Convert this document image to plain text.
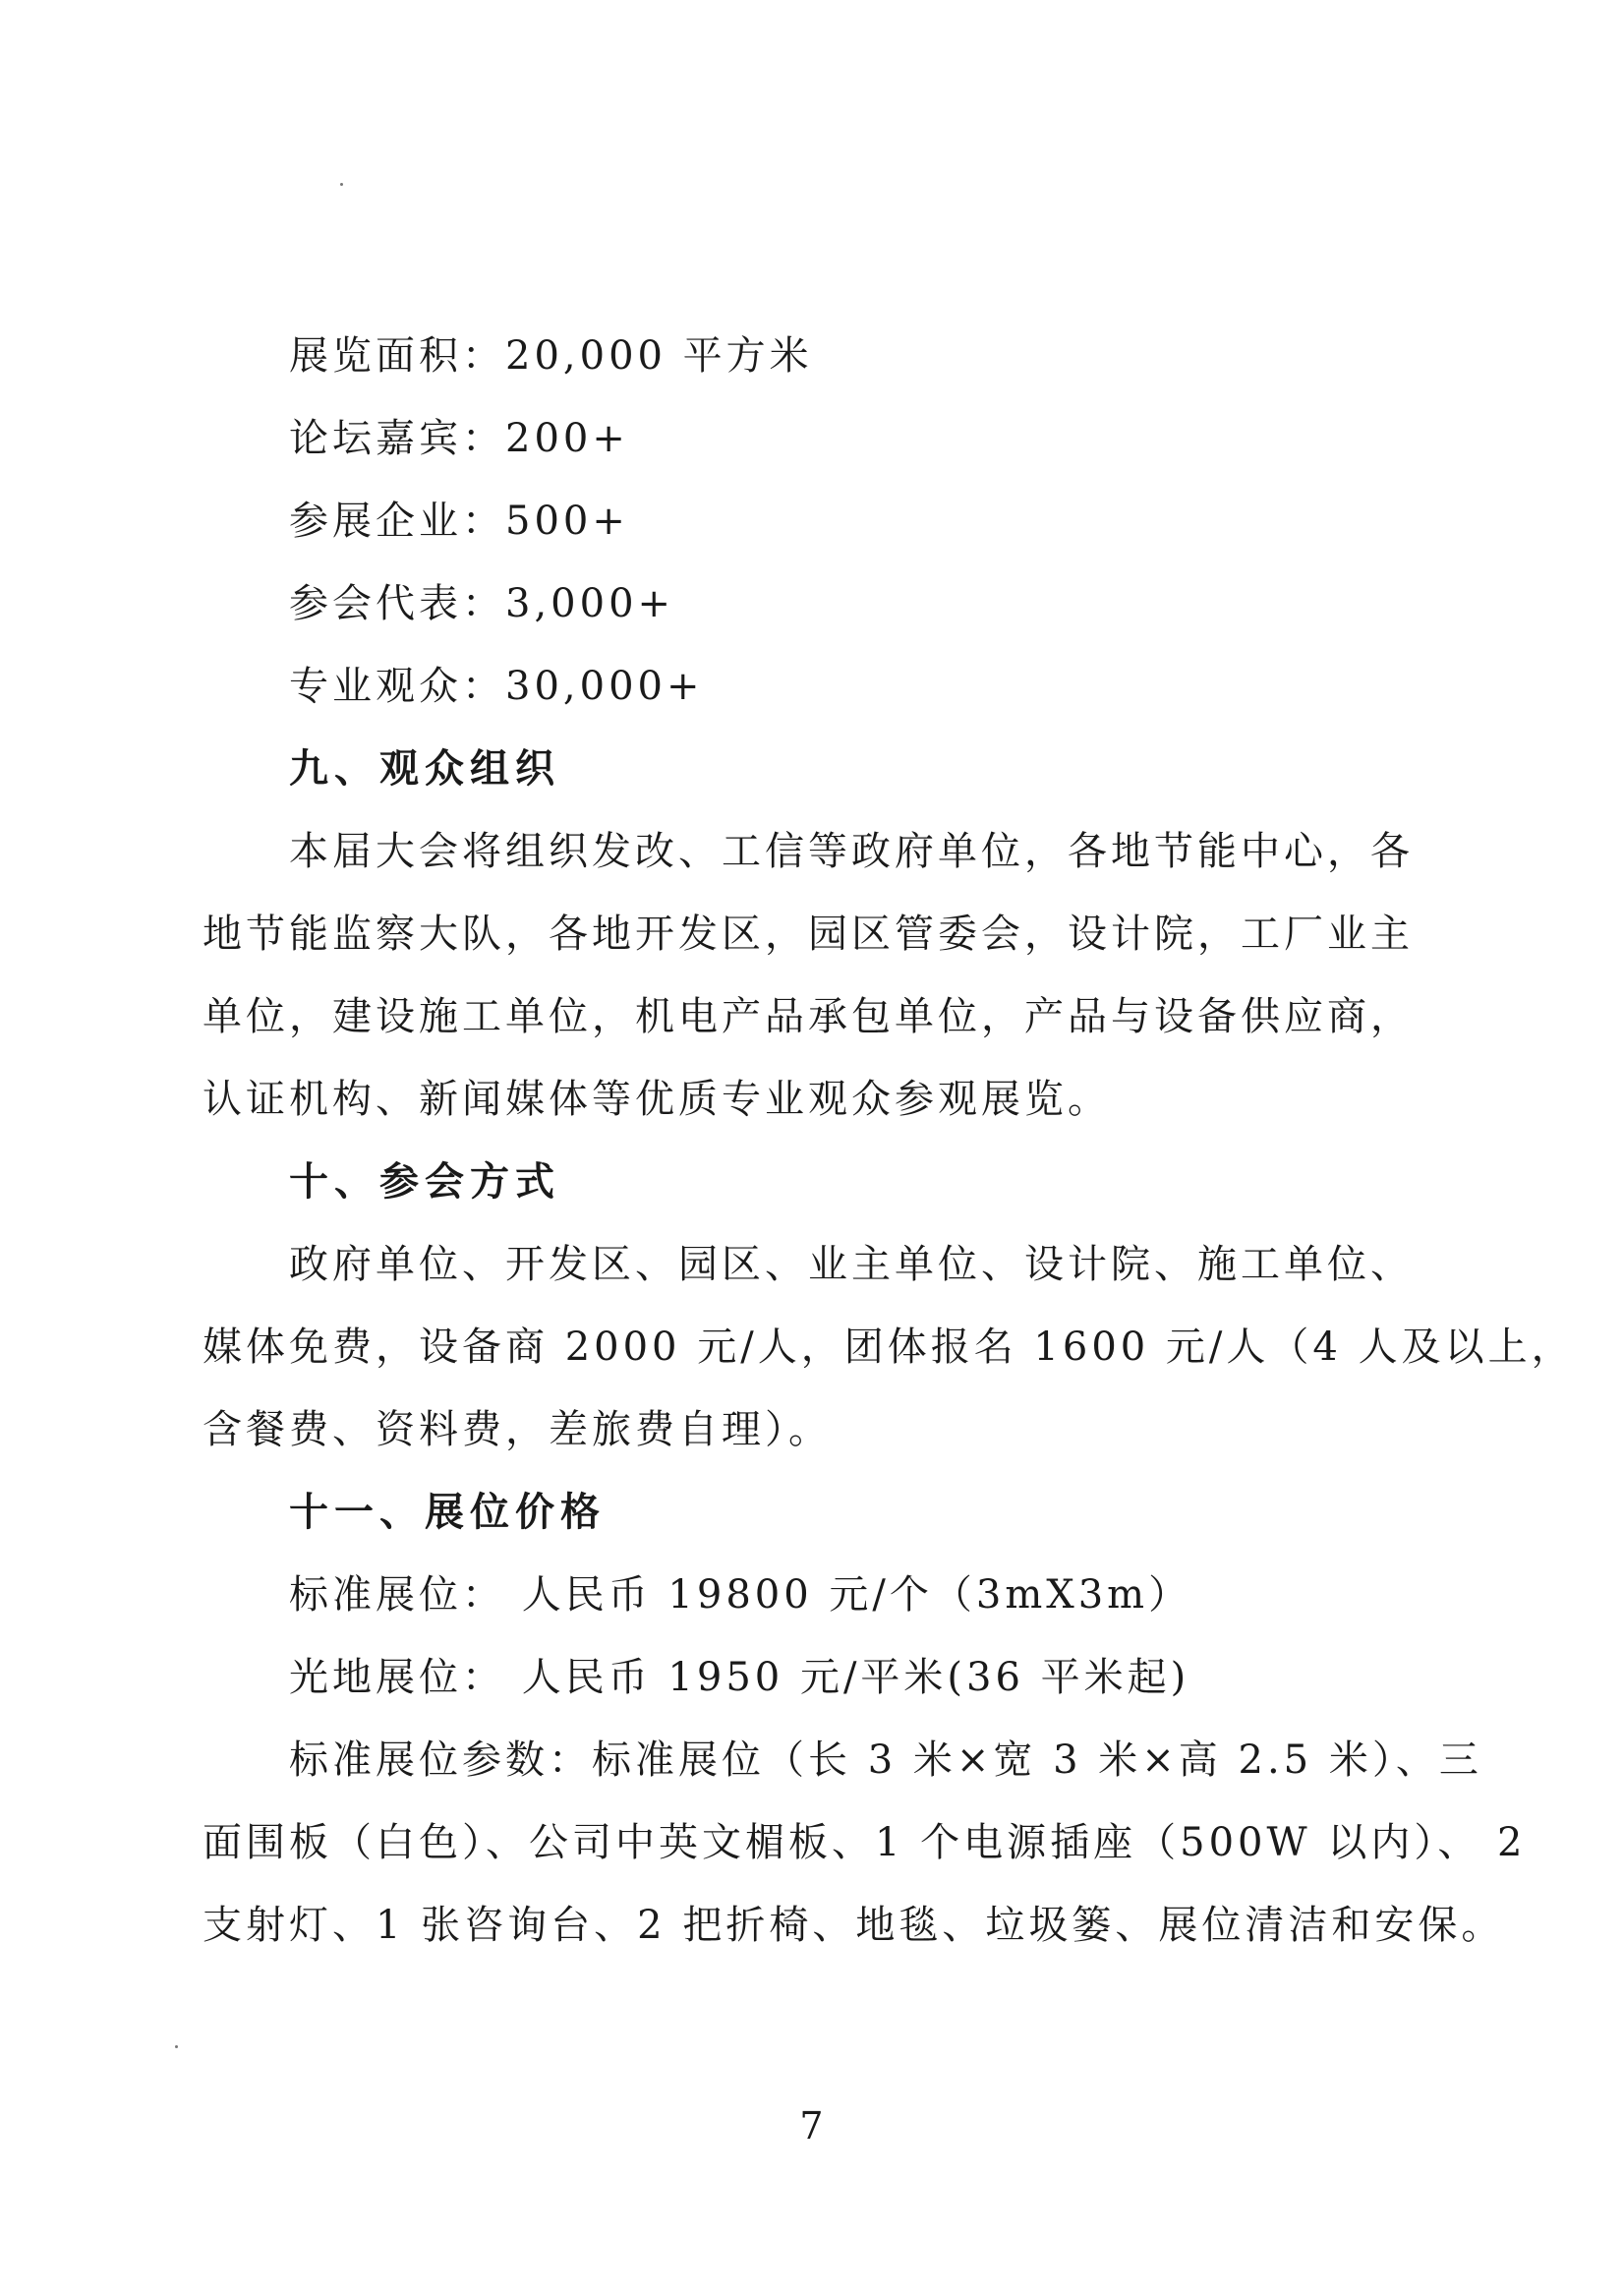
展览面积：20,000 平方米
论坛嘉宾：200+
参展企业：500+
参会代表：3,000+
专业观众：30,000+
九、观众组织
本届大会将组织发改、工信等政府单位，各地节能中心，各
地节能监察大队，各地开发区，园区管委会，设计院，工厂业主
单位，建设施工单位，机电产品承包单位，产品与设备供应商，
认证机构、新闻媒体等优质专业观众参观展览。
十、参会方式
政府单位、开发区、园区、业主单位、设计院、施工单位、
媒体免费，设备商 2000 元/人，团体报名 1600 元/人（4 人及以上，
含餐费、资料费，差旅费自理）。
十一、展位价格
标准展位： 人民币 19800 元/个（3mX3m）
光地展位： 人民币 1950 元/平米(36 平米起)
标准展位参数：标准展位（长 3 米×宽 3 米×高 2.5 米）、三
面围板（白色）、公司中英文楣板、1 个电源插座（500W 以内）、 2
支射灯、1 张咨询台、2 把折椅、地毯、垃圾篓、展位清洁和安保。
7
